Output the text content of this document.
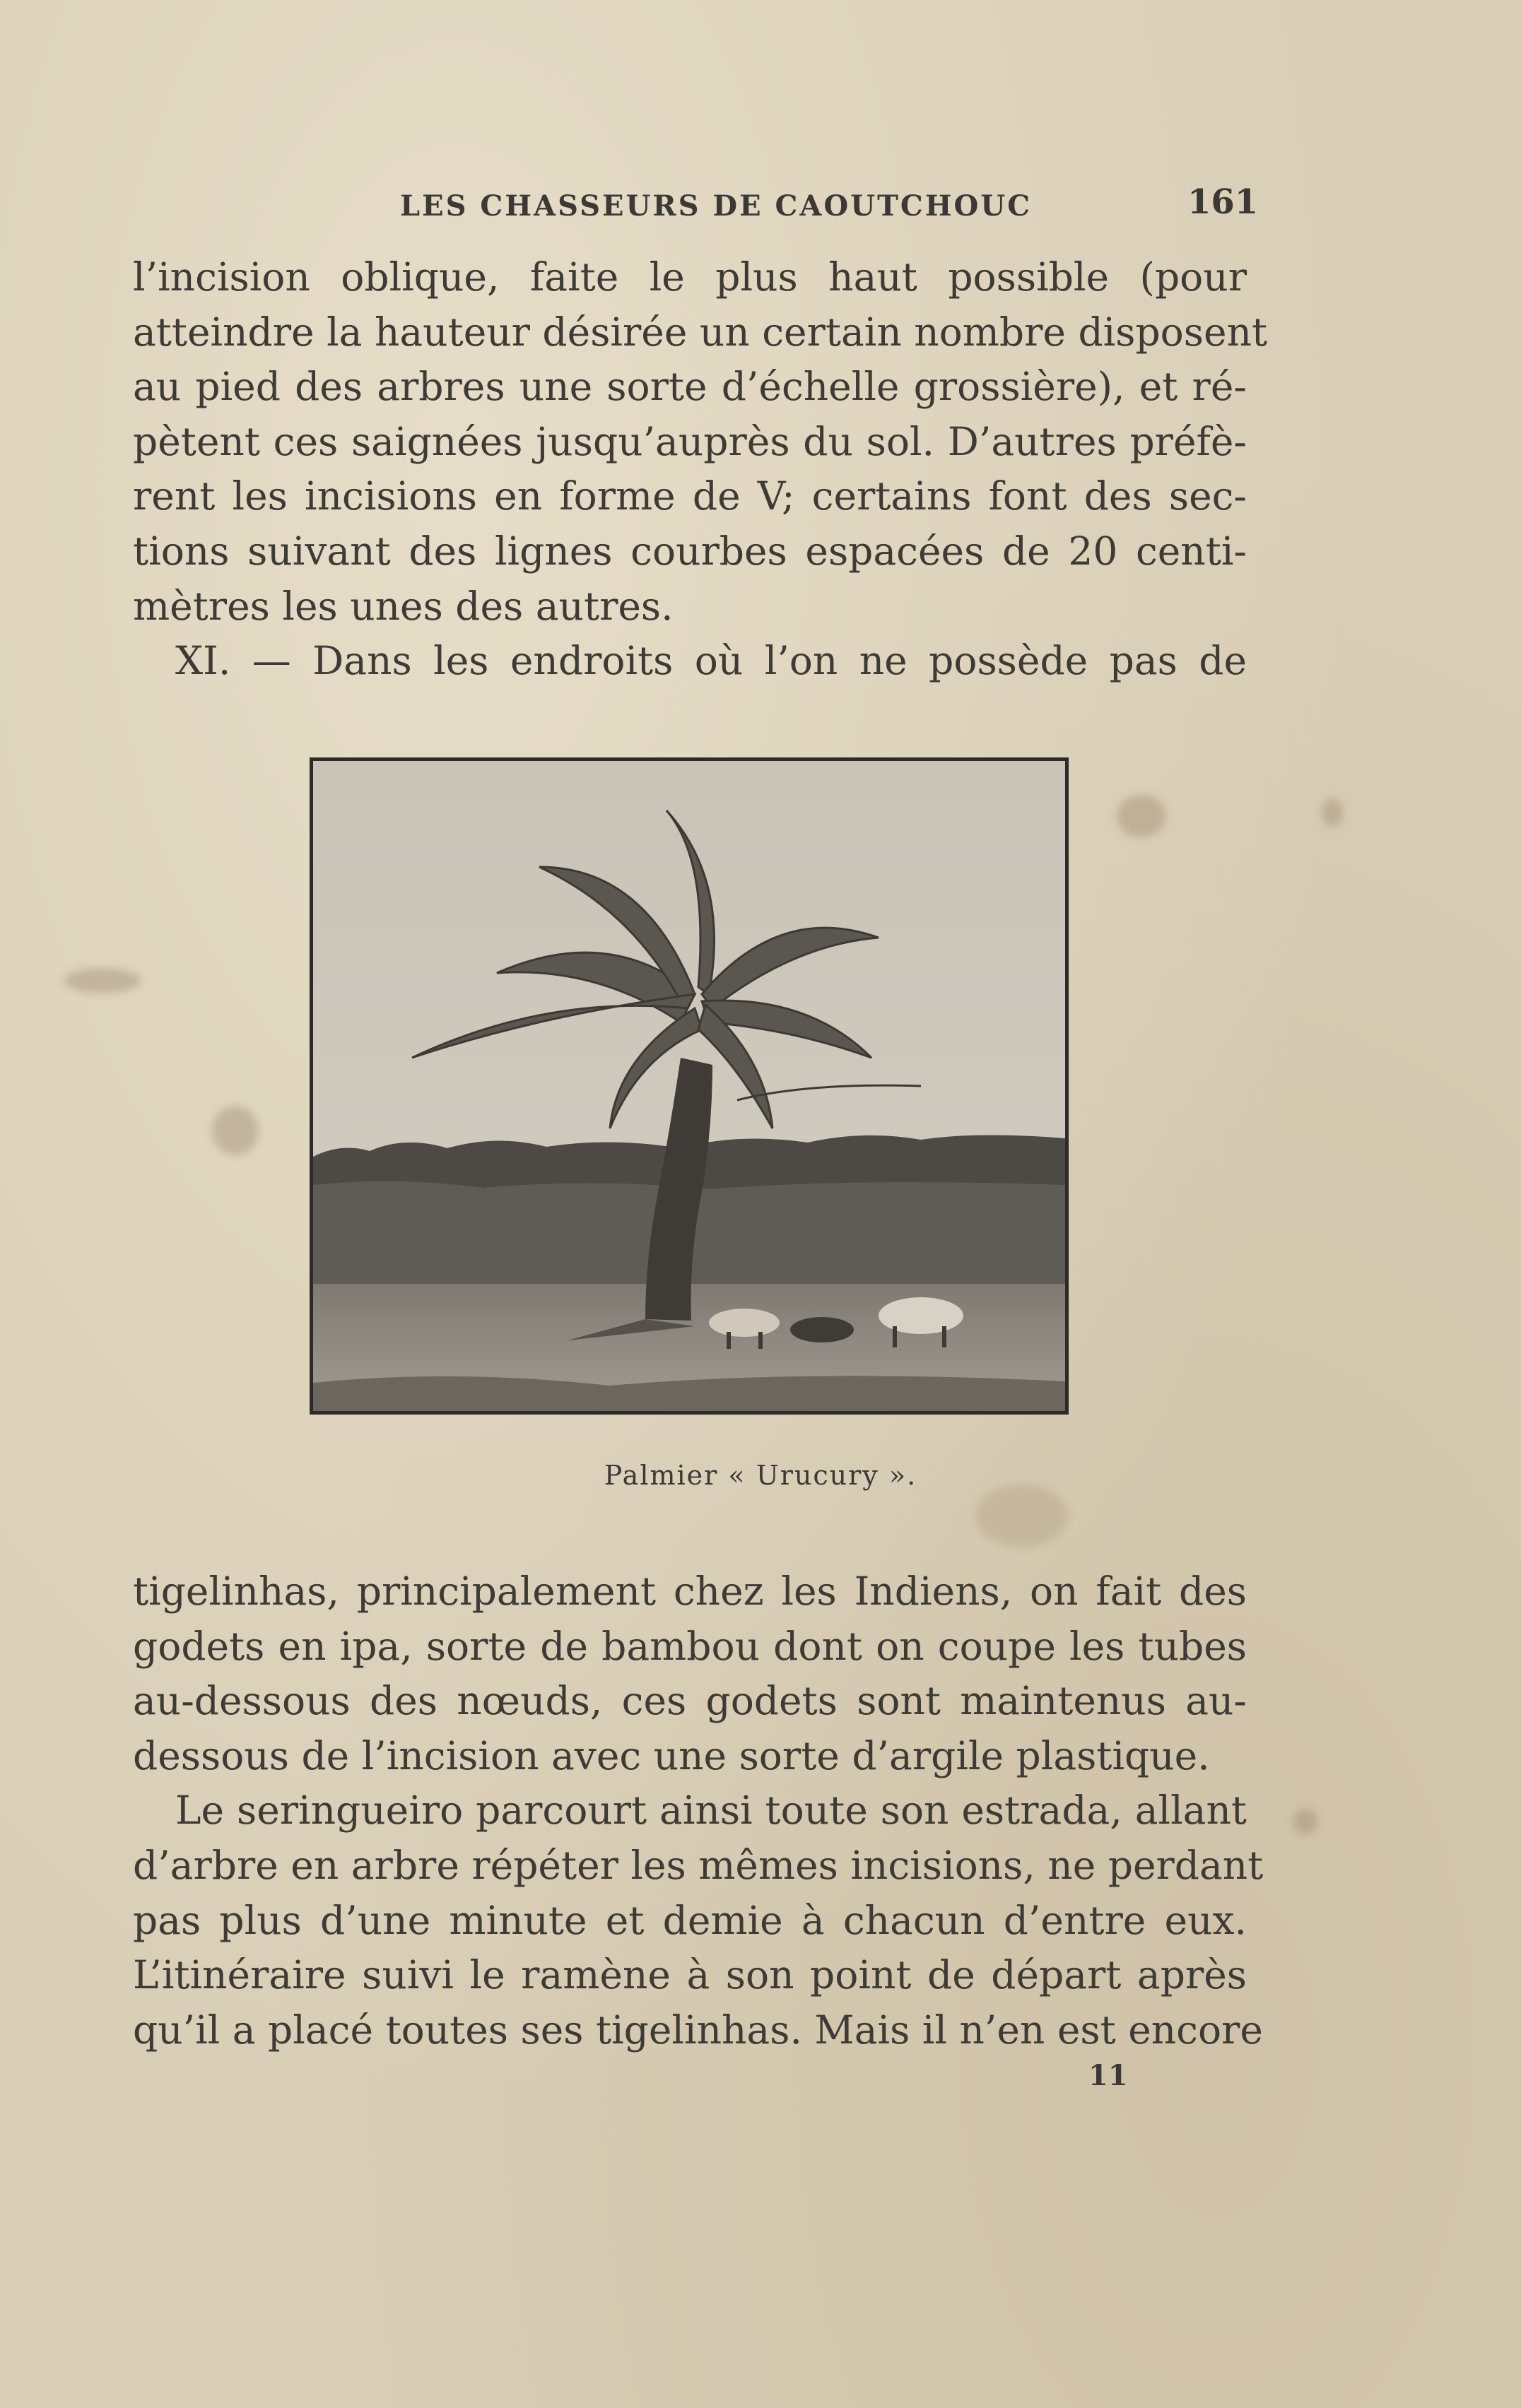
LES CHASSEURS DE CAOUTCHOUC	161

l’incision oblique, faite le plus haut possible (pour
atteindre la hauteur désirée un certain nombre disposent
au pied des arbres une sorte d’échelle grossière), et ré-
pètent ces saignées jusqu’auprès du sol. D’autres préfè-
rent les incisions en forme de V; certains font des sec-
tions suivant des lignes courbes espacées de 20 centi-
mètres les unes des autres.
XI. — Dans les endroits où l’on ne possède pas de

Palmier « Urucury ».

tigelinhas, principalement chez les Indiens, on fait des
godets en ipa, sorte de bambou dont on coupe les tubes
au-dessous des nœuds, ces godets sont maintenus au-
dessous de l’incision avec une sorte d’argile plastique.
Le seringueiro parcourt ainsi toute son estrada, allant
d’arbre en arbre répéter les mêmes incisions, ne perdant
pas plus d’une minute et demie à chacun d’entre eux.
L’itinéraire suivi le ramène à son point de départ après
qu’il a placé toutes ses tigelinhas. Mais il n’en est encore

11
